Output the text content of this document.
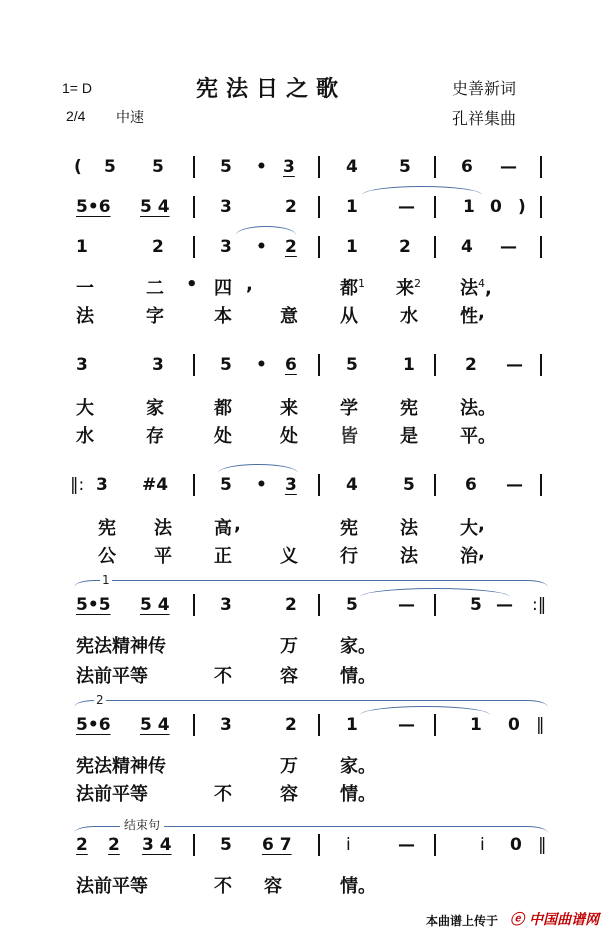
1= D	宪法日之歌	史善新词
2/4 中速	孔祥集曲
( 5 5	5 • 3	4 5	6 —
5•6 5 4	3	2	1 —	1 0 )
1	2	3 • 2	1 2	4 —
一	二 • 四 ,	都$^1$ 来$^2$ 法$^4$,
法	字	本	意 从 水 性 ,
3	3	5 • 6	5	1	2 —
大	家	都	来 学 宪 法。
水	存	处	处 皆 是 平。
‖: 3 #4	5 • 3	4	5	6 —
宪 法 高 ,	宪 法 大 ,
公 平 正	义 行 法 治 ,
1
5•5 5 4	3	2	5 —	5 — :‖
宪法精神传	万 家。
法前平等	不	容 情。
2
5•6 5 4	3	2	1 —	1 0 ‖
宪法精神传	万 家。
法前平等	不	容 情。
结束句
2 2 3 4	5 6 7	i	—	i 0 ‖
法前平等	不 容	情。
本曲谱上传于 ⓔ 中国曲谱网
